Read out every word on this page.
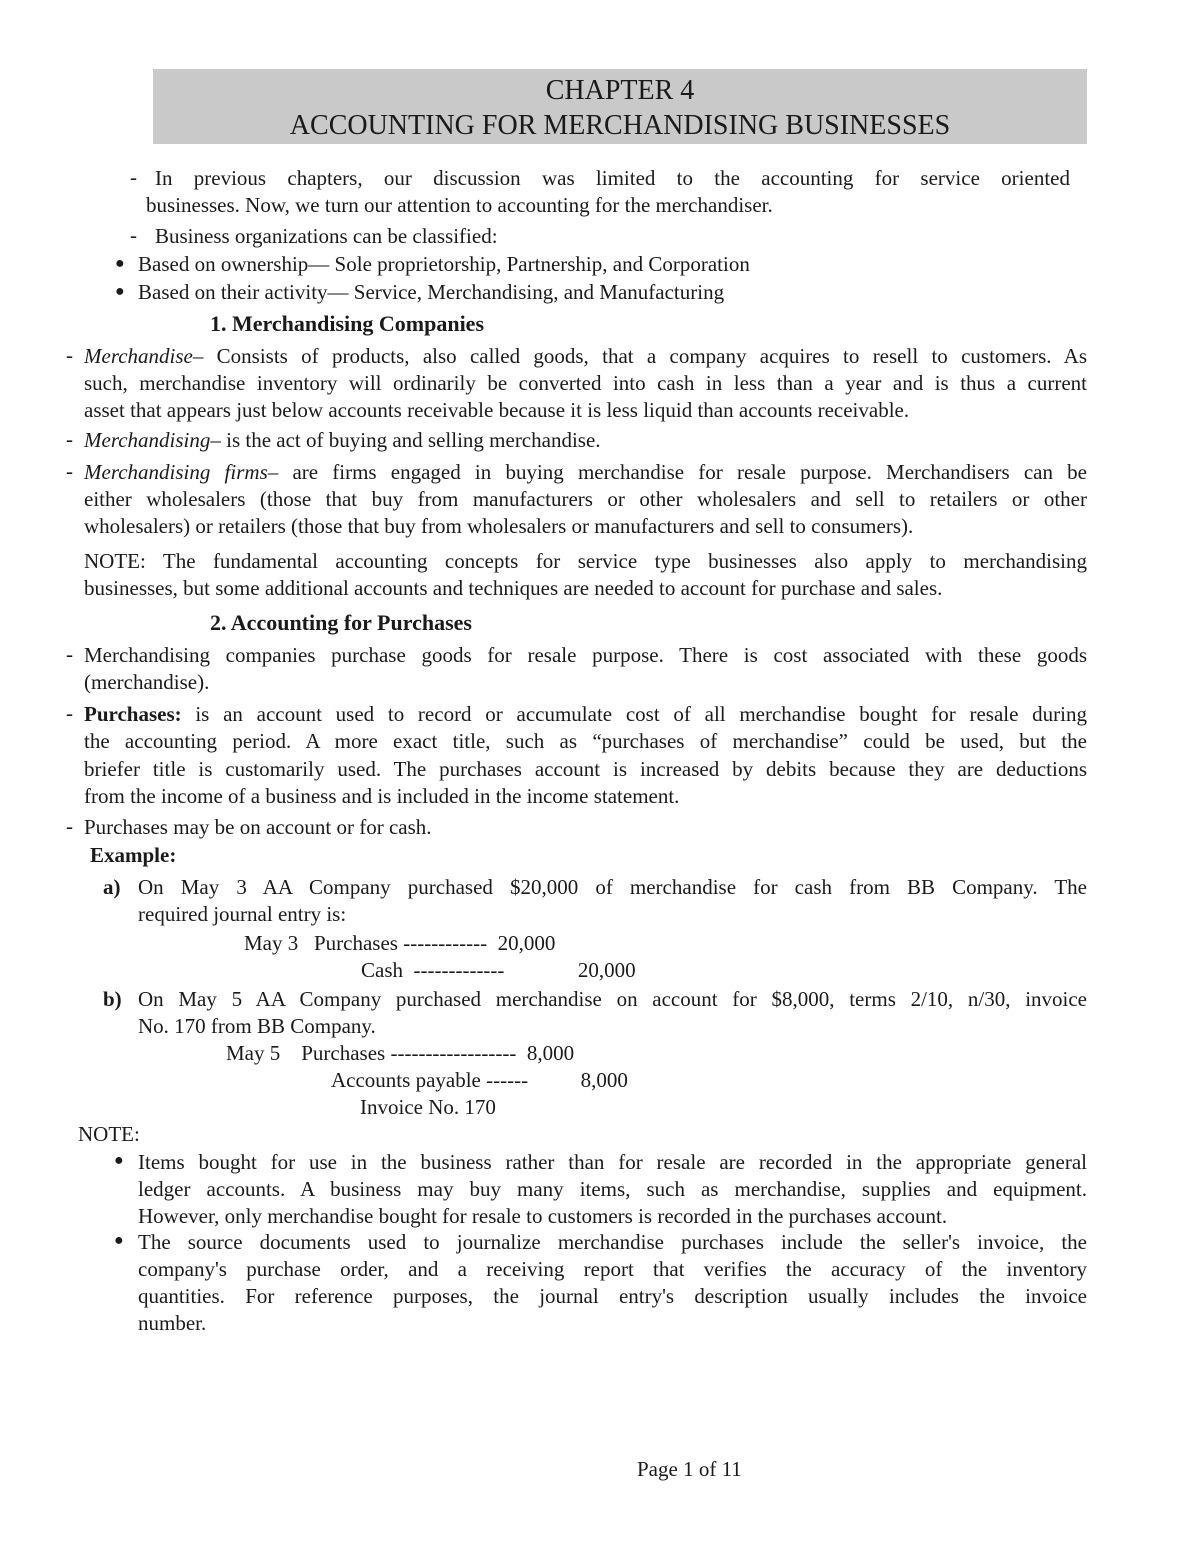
CHAPTER 4
ACCOUNTING FOR MERCHANDISING BUSINESSES
- In previous chapters, our discussion was limited to the accounting for service oriented
businesses. Now, we turn our attention to accounting for the merchandiser.
- Business organizations can be classified:
● Based on ownership— Sole proprietorship, Partnership, and Corporation
● Based on their activity— Service, Merchandising, and Manufacturing
1. Merchandising Companies
- Merchandise– Consists of products, also called goods, that a company acquires to resell to customers. As
such, merchandise inventory will ordinarily be converted into cash in less than a year and is thus a current
asset that appears just below accounts receivable because it is less liquid than accounts receivable.
- Merchandising– is the act of buying and selling merchandise.
- Merchandising firms– are firms engaged in buying merchandise for resale purpose. Merchandisers can be
either wholesalers (those that buy from manufacturers or other wholesalers and sell to retailers or other
wholesalers) or retailers (those that buy from wholesalers or manufacturers and sell to consumers).
NOTE: The fundamental accounting concepts for service type businesses also apply to merchandising
businesses, but some additional accounts and techniques are needed to account for purchase and sales.
2. Accounting for Purchases
- Merchandising companies purchase goods for resale purpose. There is cost associated with these goods
(merchandise).
- Purchases: is an account used to record or accumulate cost of all merchandise bought for resale during
the accounting period. A more exact title, such as “purchases of merchandise” could be used, but the
briefer title is customarily used. The purchases account is increased by debits because they are deductions
from the income of a business and is included in the income statement.
- Purchases may be on account or for cash.
Example:
a) On May 3 AA Company purchased $20,000 of merchandise for cash from BB Company. The
required journal entry is:
May 3   Purchases ------------  20,000
Cash  -------------              20,000
b) On May 5 AA Company purchased merchandise on account for $8,000, terms 2/10, n/30, invoice
No. 170 from BB Company.
May 5    Purchases ------------------  8,000
Accounts payable ------          8,000
Invoice No. 170
NOTE:
● Items bought for use in the business rather than for resale are recorded in the appropriate general
ledger accounts. A business may buy many items, such as merchandise, supplies and equipment.
However, only merchandise bought for resale to customers is recorded in the purchases account.
● The source documents used to journalize merchandise purchases include the seller's invoice, the
company's purchase order, and a receiving report that verifies the accuracy of the inventory
quantities. For reference purposes, the journal entry's description usually includes the invoice
number.
Page 1 of 11
